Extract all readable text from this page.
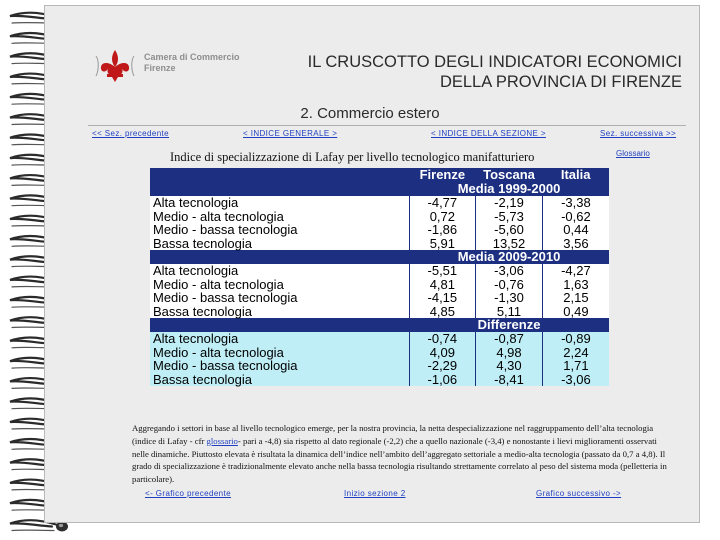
Camera di Commercio
Firenze	IL CRUSCOTTO DEGLI INDICATORI ECONOMICI
DELLA PROVINCIA DI FIRENZE
2. Commercio estero
<< Sez. precedente	< INDICE GENERALE >	< INDICE DELLA SEZIONE >	Sez. successiva >>
Indice di specializzazione di Lafay per livello tecnologico manifatturiero	Glossario
	Firenze	Toscana	Italia
	Media 1999-2000		
Alta tecnologia	-4,77	-2,19	-3,38
Medio - alta tecnologia	0,72	-5,73	-0,62
Medio - bassa tecnologia	-1,86	-5,60	0,44
Bassa tecnologia	5,91	13,52	3,56
	Media 2009-2010		
Alta tecnologia	-5,51	-3,06	-4,27
Medio - alta tecnologia	4,81	-0,76	1,63
Medio - bassa tecnologia	-4,15	-1,30	2,15
Bassa tecnologia	4,85	5,11	0,49
	Differenze		
Alta tecnologia	-0,74	-0,87	-0,89
Medio - alta tecnologia	4,09	4,98	2,24
Medio - bassa tecnologia	-2,29	4,30	1,71
Bassa tecnologia	-1,06	-8,41	-3,06
Aggregando i settori in base al livello tecnologico emerge, per la nostra provincia, la netta despecializzazione nel raggruppamento dell’alta tecnologia (indice di Lafay - cfr glossario- pari a -4,8) sia rispetto al dato regionale (-2,2) che a quello nazionale (-3,4) e nonostante i lievi miglioramenti osservati nelle dinamiche. Piuttosto elevata è risultata la dinamica dell’indice nell’ambito dell’aggregato settoriale a medio-alta tecnologia (passato da 0,7 a 4,8). Il grado di specializzazione è tradizionalmente elevato anche nella bassa tecnologia risultando strettamente correlato al peso del sistema moda (pelletteria in particolare).
<- Grafico precedente	Inizio sezione 2	Grafico successivo ->
